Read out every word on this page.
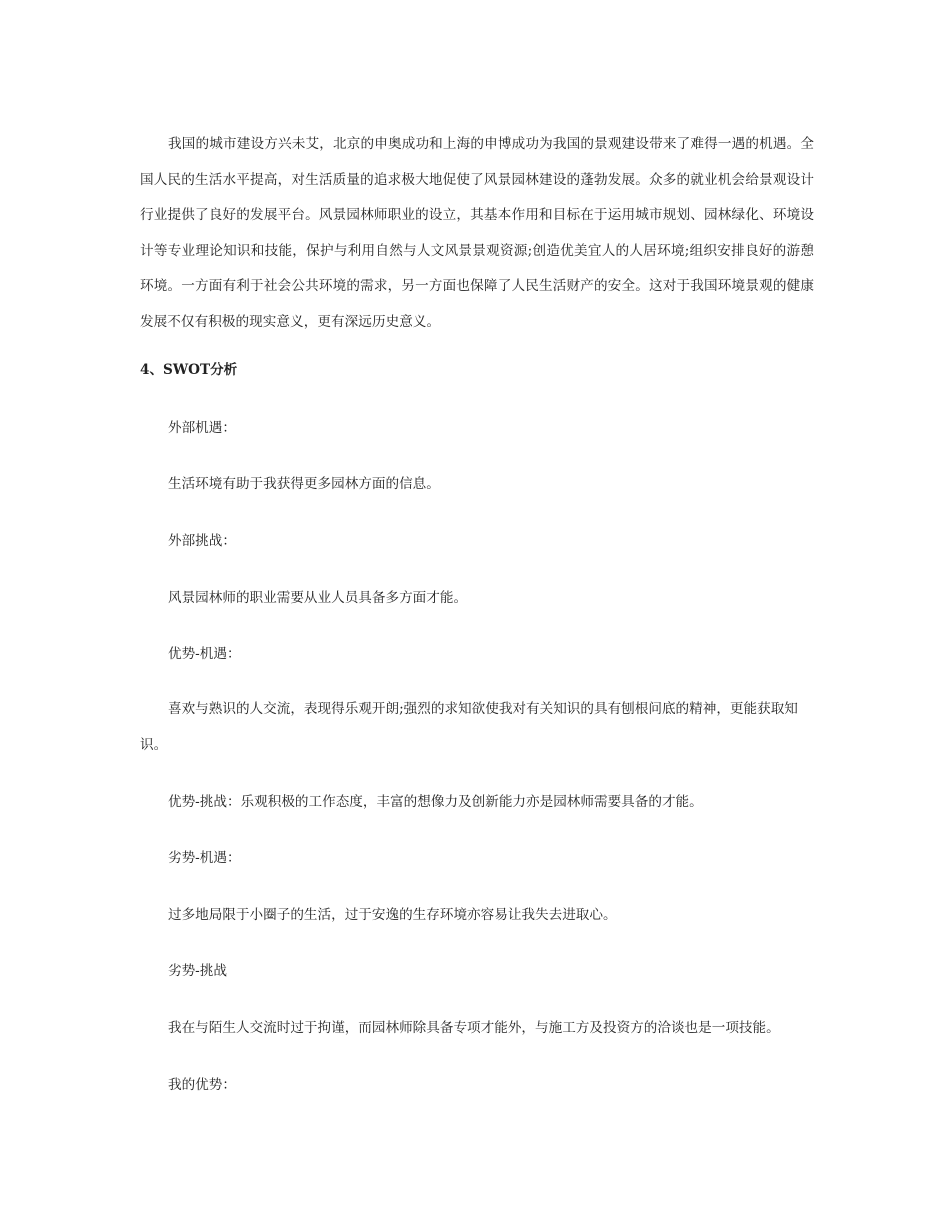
我国的城市建设方兴未艾，北京的申奥成功和上海的申博成功为我国的景观建设带来了难得一遇的机遇。全国人民的生活水平提高，对生活质量的追求极大地促使了风景园林建设的蓬勃发展。众多的就业机会给景观设计行业提供了良好的发展平台。风景园林师职业的设立，其基本作用和目标在于运用城市规划、园林绿化、环境设计等专业理论知识和技能，保护与利用自然与人文风景景观资源;创造优美宜人的人居环境;组织安排良好的游憩环境。一方面有利于社会公共环境的需求，另一方面也保障了人民生活财产的安全。这对于我国环境景观的健康发展不仅有积极的现实意义，更有深远历史意义。

4、SWOT分析

外部机遇：

生活环境有助于我获得更多园林方面的信息。

外部挑战：

风景园林师的职业需要从业人员具备多方面才能。

优势-机遇：

喜欢与熟识的人交流，表现得乐观开朗;强烈的求知欲使我对有关知识的具有刨根问底的精神，更能获取知识。

优势-挑战：乐观积极的工作态度，丰富的想像力及创新能力亦是园林师需要具备的才能。

劣势-机遇：

过多地局限于小圈子的生活，过于安逸的生存环境亦容易让我失去进取心。

劣势-挑战

我在与陌生人交流时过于拘谨，而园林师除具备专项才能外，与施工方及投资方的洽谈也是一项技能。

我的优势：
